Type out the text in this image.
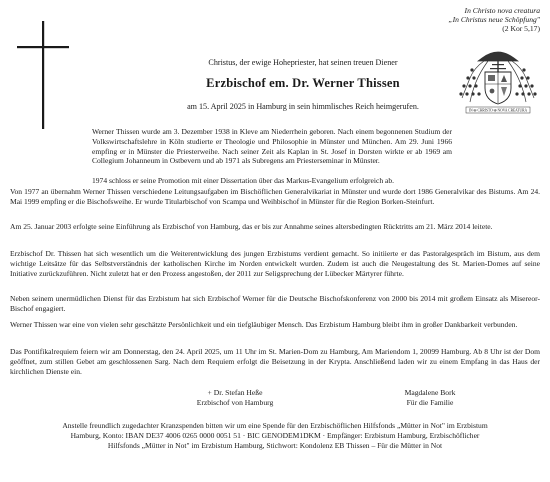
In Christo nova creatura
„In Christus neue Schöpfung"
(2 Kor 5,17)
IN ✠ CHRISTO ✠ NOVA CREATURA
Christus, der ewige Hohepriester, hat seinen treuen Diener
Erzbischof em. Dr. Werner Thissen
am 15. April 2025 in Hamburg in sein himmlisches Reich heimgerufen.

Werner Thissen wurde am 3. Dezember 1938 in Kleve am Niederrhein geboren. Nach einem begonnenen Studium der Volkswirtschaftslehre in Köln studierte er Theologie und Philosophie in Münster und München. Am 29. Juni 1966 empfing er in Münster die Priesterweihe. Nach seiner Zeit als Kaplan in St. Josef in Dorsten wirkte er ab 1969 am Collegium Johanneum in Ostbevern und ab 1971 als Subregens am Priesterseminar in Münster.

1974 schloss er seine Promotion mit einer Dissertation über das Markus-Evangelium erfolgreich ab.

Von 1977 an übernahm Werner Thissen verschiedene Leitungsaufgaben im Bischöflichen Generalvikariat in Münster und wurde dort 1986 Generalvikar des Bistums. Am 24. Mai 1999 empfing er die Bischofsweihe. Er wurde Titularbischof von Scampa und Weihbischof in Münster für die Region Borken-Steinfurt.

Am 25. Januar 2003 erfolgte seine Einführung als Erzbischof von Hamburg, das er bis zur Annahme seines altersbedingten Rücktritts am 21. März 2014 leitete.

Erzbischof Dr. Thissen hat sich wesentlich um die Weiterentwicklung des jungen Erzbistums verdient gemacht. So initiierte er das Pastoralgespräch im Bistum, aus dem wichtige Leitsätze für das Selbstverständnis der katholischen Kirche im Norden entwickelt wurden. Zudem ist auch die Neugestaltung des St. Marien-Domes auf seine Initiative zurückzuführen. Nicht zuletzt hat er den Prozess angestoßen, der 2011 zur Seligsprechung der Lübecker Märtyrer führte.

Neben seinem unermüdlichen Dienst für das Erzbistum hat sich Erzbischof Werner für die Deutsche Bischofskonferenz von 2000 bis 2014 mit großem Einsatz als Misereor-Bischof engagiert.

Werner Thissen war eine von vielen sehr geschätzte Persönlichkeit und ein tiefgläubiger Mensch. Das Erzbistum Hamburg bleibt ihm in großer Dankbarkeit verbunden.

Das Pontifikalrequiem feiern wir am Donnerstag, den 24. April 2025, um 11 Uhr im St. Marien-Dom zu Hamburg, Am Mariendom 1, 20099 Hamburg. Ab 8 Uhr ist der Dom geöffnet, zum stillen Gebet am geschlossenen Sarg. Nach dem Requiem erfolgt die Beisetzung in der Krypta. Anschließend laden wir zu einem Empfang in das Haus der kirchlichen Dienste ein.

+ Dr. Stefan Heße
Erzbischof von Hamburg
Magdalene Bork
Für die Familie

Anstelle freundlich zugedachter Kranzspenden bitten wir um eine Spende für den Erzbischöflichen Hilfsfonds „Mütter in Not" im Erzbistum
Hamburg, Konto: IBAN DE37 4006 0265 0000 0051 51 · BIC GENODEM1DKM · Empfänger: Erzbistum Hamburg, Erzbischöflicher
Hilfsfonds „Mütter in Not" im Erzbistum Hamburg, Stichwort: Kondolenz EB Thissen – Für die Mütter in Not
